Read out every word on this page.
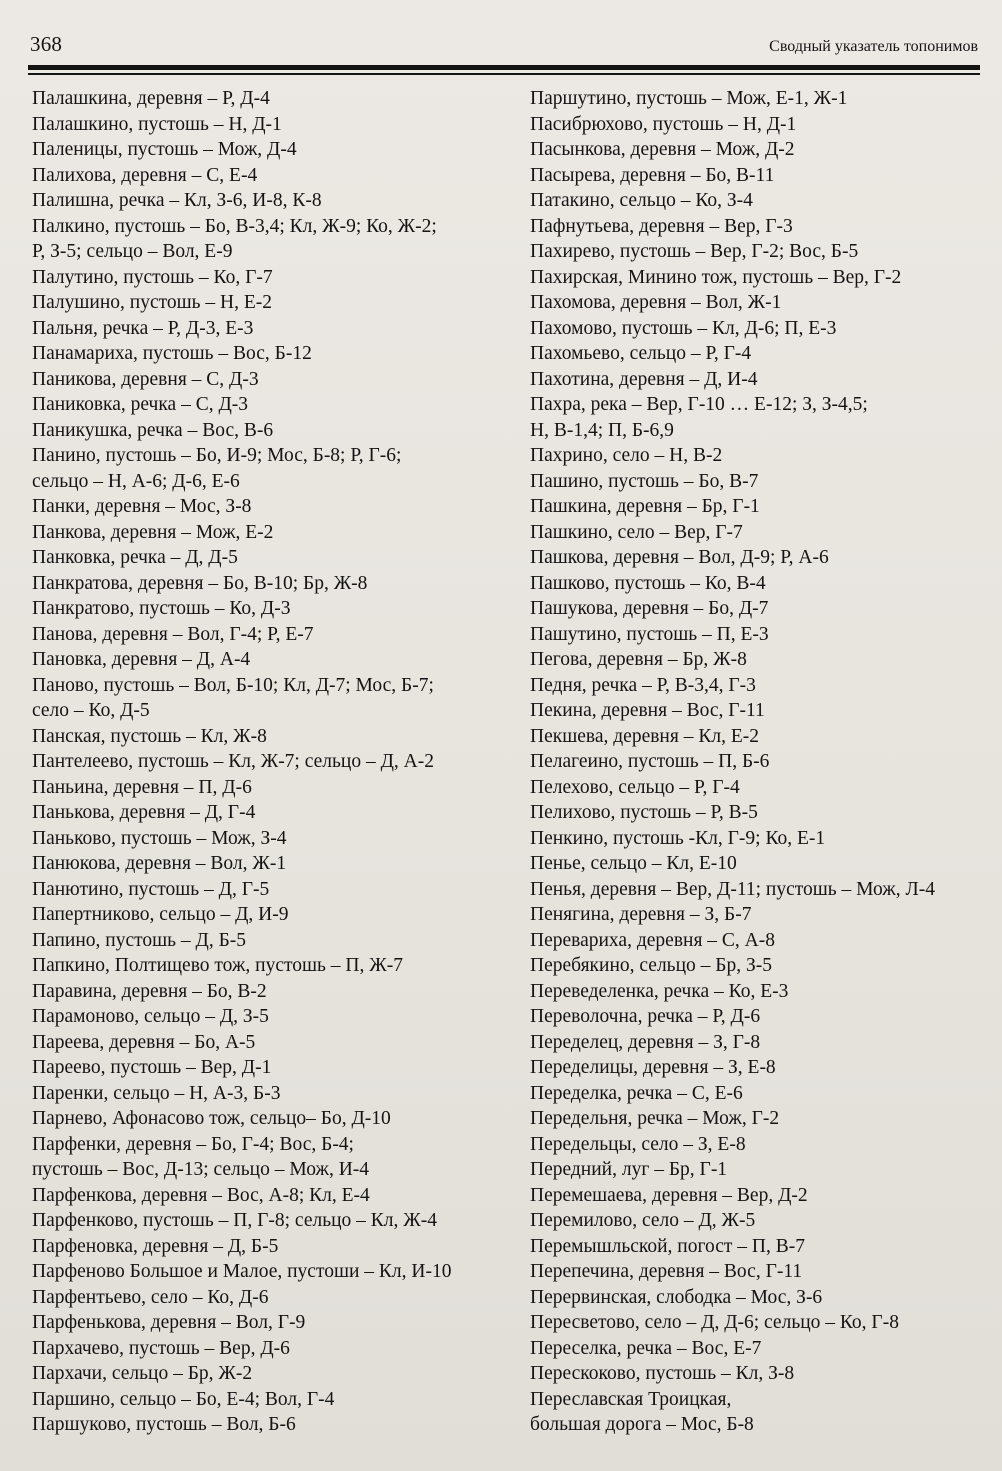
368	Сводный указатель топонимов
Палашкина, деревня – Р, Д-4
Палашкино, пустошь – Н, Д-1
Паленицы, пустошь – Мож, Д-4
Палихова, деревня – С, Е-4
Палишна, речка – Кл, З-6, И-8, К-8
Палкино, пустошь – Бо, В-3,4; Кл, Ж-9; Ко, Ж-2;
Р, З-5; сельцо – Вол, Е-9
Палутино, пустошь – Ко, Г-7
Палушино, пустошь – Н, Е-2
Пальня, речка – Р, Д-3, Е-3
Панамариха, пустошь – Вос, Б-12
Паникова, деревня – С, Д-3
Паниковка, речка – С, Д-3
Паникушка, речка – Вос, В-6
Панино, пустошь – Бо, И-9; Мос, Б-8; Р, Г-6;
сельцо – Н, А-6; Д-6, Е-6
Панки, деревня – Мос, З-8
Панкова, деревня – Мож, Е-2
Панковка, речка – Д, Д-5
Панкратова, деревня – Бо, В-10; Бр, Ж-8
Панкратово, пустошь – Ко, Д-3
Панова, деревня – Вол, Г-4; Р, Е-7
Пановка, деревня – Д, А-4
Паново, пустошь – Вол, Б-10; Кл, Д-7; Мос, Б-7;
село – Ко, Д-5
Панская, пустошь – Кл, Ж-8
Пантелеево, пустошь – Кл, Ж-7; сельцо – Д, А-2
Паньина, деревня – П, Д-6
Панькова, деревня – Д, Г-4
Паньково, пустошь – Мож, З-4
Панюкова, деревня – Вол, Ж-1
Панютино, пустошь – Д, Г-5
Папертниково, сельцо – Д, И-9
Папино, пустошь – Д, Б-5
Папкино, Полтищево тож, пустошь – П, Ж-7
Паравина, деревня – Бо, В-2
Парамоново, сельцо – Д, З-5
Пареева, деревня – Бо, А-5
Пареево, пустошь – Вер, Д-1
Паренки, сельцо – Н, А-3, Б-3
Парнево, Афонасово тож, сельцо– Бо, Д-10
Парфенки, деревня – Бо, Г-4; Вос, Б-4;
пустошь – Вос, Д-13; сельцо – Мож, И-4
Парфенкова, деревня – Вос, А-8; Кл, Е-4
Парфенково, пустошь – П, Г-8; сельцо – Кл, Ж-4
Парфеновка, деревня – Д, Б-5
Парфеново Большое и Малое, пустоши – Кл, И-10
Парфентьево, село – Ко, Д-6
Парфенькова, деревня – Вол, Г-9
Пархачево, пустошь – Вер, Д-6
Пархачи, сельцо – Бр, Ж-2
Паршино, сельцо – Бо, Е-4; Вол, Г-4
Паршуково, пустошь – Вол, Б-6
Паршутино, пустошь – Мож, Е-1, Ж-1
Пасибрюхово, пустошь – Н, Д-1
Пасынкова, деревня – Мож, Д-2
Пасырева, деревня – Бо, В-11
Патакино, сельцо – Ко, З-4
Пафнутьева, деревня – Вер, Г-3
Пахирево, пустошь – Вер, Г-2; Вос, Б-5
Пахирская, Минино тож, пустошь – Вер, Г-2
Пахомова, деревня – Вол, Ж-1
Пахомово, пустошь – Кл, Д-6; П, Е-3
Пахомьево, сельцо – Р, Г-4
Пахотина, деревня – Д, И-4
Пахра, река – Вер, Г-10 … Е-12; З, З-4,5;
Н, В-1,4; П, Б-6,9
Пахрино, село – Н, В-2
Пашино, пустошь – Бо, В-7
Пашкина, деревня – Бр, Г-1
Пашкино, село – Вер, Г-7
Пашкова, деревня – Вол, Д-9; Р, А-6
Пашково, пустошь – Ко, В-4
Пашукова, деревня – Бо, Д-7
Пашутино, пустошь – П, Е-3
Пегова, деревня – Бр, Ж-8
Педня, речка – Р, В-3,4, Г-3
Пекина, деревня – Вос, Г-11
Пекшева, деревня – Кл, Е-2
Пелагеино, пустошь – П, Б-6
Пелехово, сельцо – Р, Г-4
Пелихово, пустошь – Р, В-5
Пенкино, пустошь -Кл, Г-9; Ко, Е-1
Пенье, сельцо – Кл, Е-10
Пенья, деревня – Вер, Д-11; пустошь – Мож, Л-4
Пенягина, деревня – З, Б-7
Перевариха, деревня – С, А-8
Перебякино, сельцо – Бр, З-5
Переведеленка, речка – Ко, Е-3
Переволочна, речка – Р, Д-6
Переделец, деревня – З, Г-8
Переделицы, деревня – З, Е-8
Переделка, речка – С, Е-6
Передельня, речка – Мож, Г-2
Передельцы, село – З, Е-8
Передний, луг – Бр, Г-1
Перемешаева, деревня – Вер, Д-2
Перемилово, село – Д, Ж-5
Перемышльской, погост – П, В-7
Перепечина, деревня – Вос, Г-11
Перервинская, слободка – Мос, З-6
Пересветово, село – Д, Д-6; сельцо – Ко, Г-8
Переселка, речка – Вос, Е-7
Перескоково, пустошь – Кл, З-8
Переславская Троицкая,
большая дорога – Мос, Б-8
